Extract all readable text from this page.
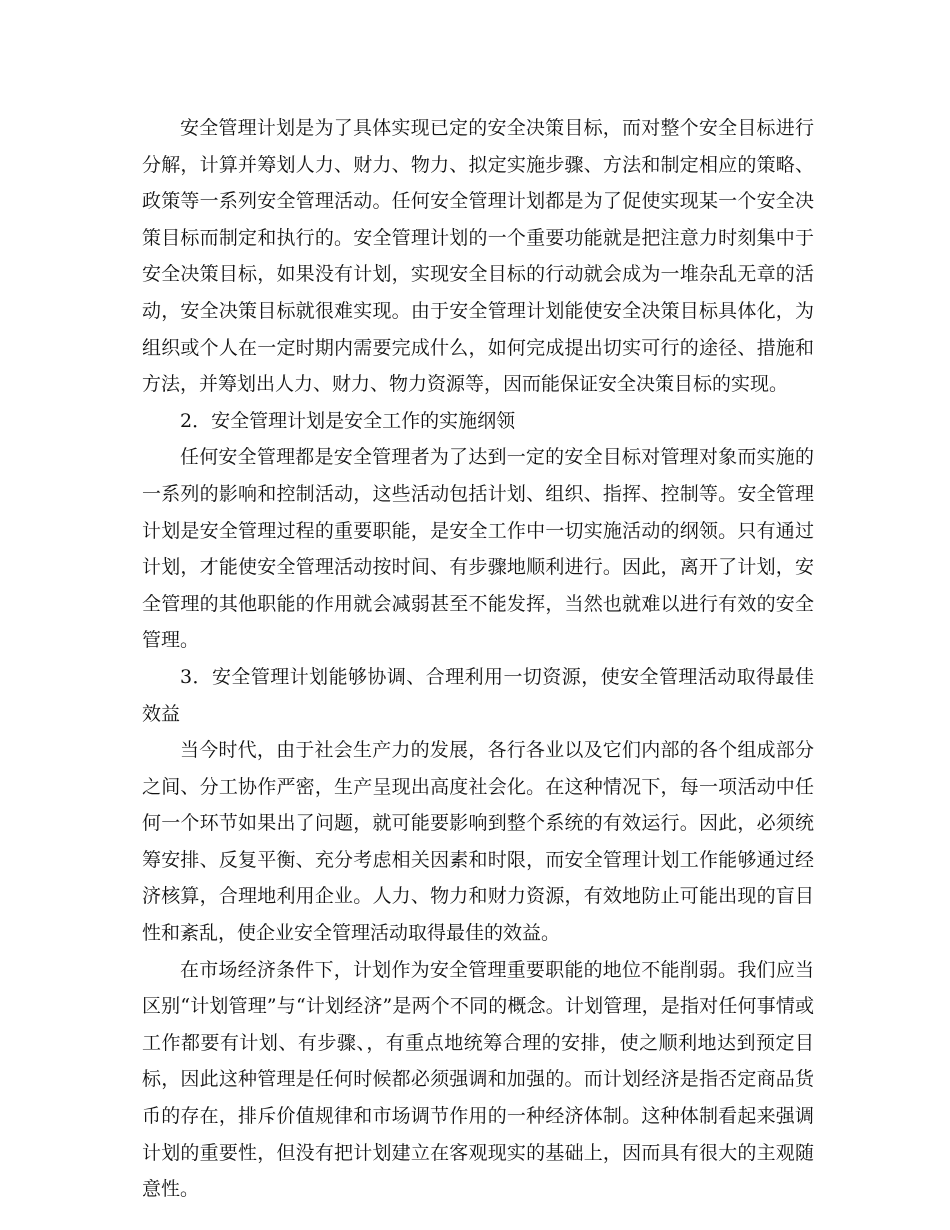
安全管理计划是为了具体实现已定的安全决策目标，而对整个安全目标进行分解，计算并筹划人力、财力、物力、拟定实施步骤、方法和制定相应的策略、政策等一系列安全管理活动。任何安全管理计划都是为了促使实现某一个安全决策目标而制定和执行的。安全管理计划的一个重要功能就是把注意力时刻集中于安全决策目标，如果没有计划，实现安全目标的行动就会成为一堆杂乱无章的活动，安全决策目标就很难实现。由于安全管理计划能使安全决策目标具体化，为组织或个人在一定时期内需要完成什么，如何完成提出切实可行的途径、措施和方法，并筹划出人力、财力、物力资源等，因而能保证安全决策目标的实现。

2．安全管理计划是安全工作的实施纲领

任何安全管理都是安全管理者为了达到一定的安全目标对管理对象而实施的一系列的影响和控制活动，这些活动包括计划、组织、指挥、控制等。安全管理计划是安全管理过程的重要职能，是安全工作中一切实施活动的纲领。只有通过计划，才能使安全管理活动按时间、有步骤地顺利进行。因此，离开了计划，安全管理的其他职能的作用就会减弱甚至不能发挥，当然也就难以进行有效的安全管理。

3．安全管理计划能够协调、合理利用一切资源，使安全管理活动取得最佳效益

当今时代，由于社会生产力的发展，各行各业以及它们内部的各个组成部分之间、分工协作严密，生产呈现出高度社会化。在这种情况下，每一项活动中任何一个环节如果出了问题，就可能要影响到整个系统的有效运行。因此，必须统筹安排、反复平衡、充分考虑相关因素和时限，而安全管理计划工作能够通过经济核算，合理地利用企业。人力、物力和财力资源，有效地防止可能出现的盲目性和紊乱，使企业安全管理活动取得最佳的效益。

在市场经济条件下，计划作为安全管理重要职能的地位不能削弱。我们应当区别“计划管理”与“计划经济”是两个不同的概念。计划管理，是指对任何事情或工作都要有计划、有步骤、，有重点地统筹合理的安排，使之顺利地达到预定目标，因此这种管理是任何时候都必须强调和加强的。而计划经济是指否定商品货币的存在，排斥价值规律和市场调节作用的一种经济体制。这种体制看起来强调计划的重要性，但没有把计划建立在客观现实的基础上，因而具有很大的主观随意性。
